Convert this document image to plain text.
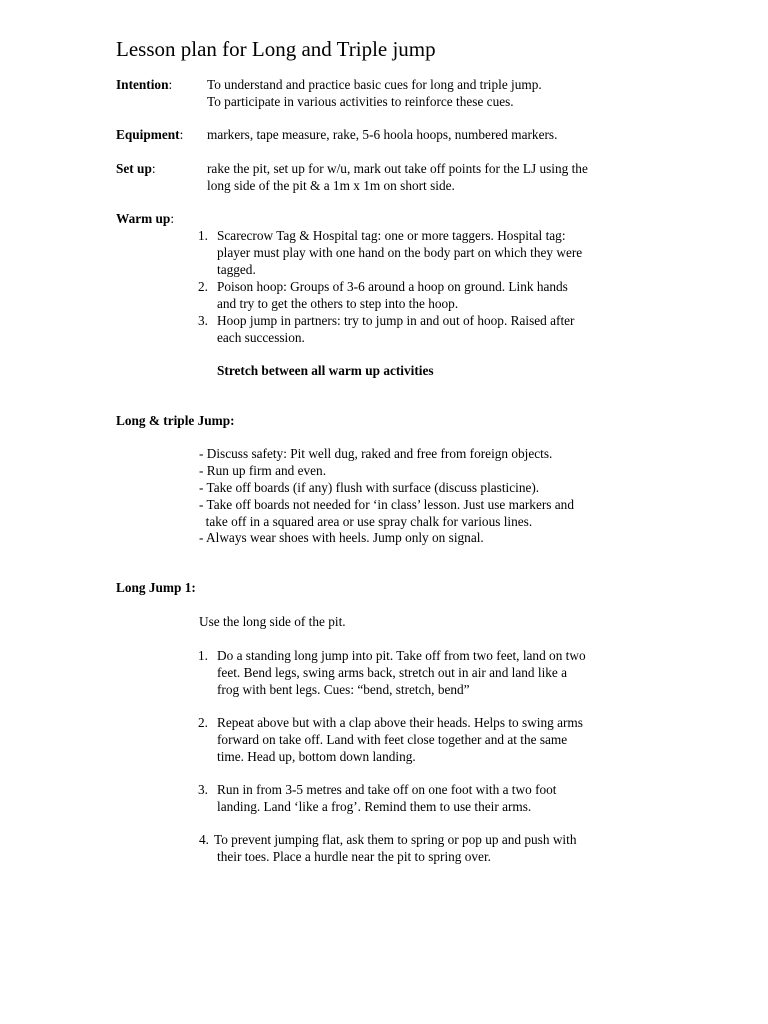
Lesson plan for Long and Triple jump
Intention:	To understand and practice basic cues for long and triple jump.
To participate in various activities to reinforce these cues.
Equipment: markers, tape measure, rake, 5-6 hoola hoops, numbered markers.
Set up:	rake the pit, set up for w/u, mark out take off points for the LJ using the
long side of the pit & a 1m x 1m on short side.
Warm up:
1. Scarecrow Tag & Hospital tag: one or more taggers. Hospital tag:
player must play with one hand on the body part on which they were
tagged.
2. Poison hoop: Groups of 3-6 around a hoop on ground. Link hands
and try to get the others to step into the hoop.
3. Hoop jump in partners: try to jump in and out of hoop. Raised after
each succession.
Stretch between all warm up activities
Long & triple Jump:
- Discuss safety: Pit well dug, raked and free from foreign objects.
- Run up firm and even.
- Take off boards (if any) flush with surface (discuss plasticine).
- Take off boards not needed for ‘in class’ lesson. Just use markers and
take off in a squared area or use spray chalk for various lines.
- Always wear shoes with heels. Jump only on signal.
Long Jump 1:
Use the long side of the pit.
1. Do a standing long jump into pit. Take off from two feet, land on two
feet. Bend legs, swing arms back, stretch out in air and land like a
frog with bent legs. Cues: “bend, stretch, bend”
2. Repeat above but with a clap above their heads. Helps to swing arms
forward on take off. Land with feet close together and at the same
time. Head up, bottom down landing.
3. Run in from 3-5 metres and take off on one foot with a two foot
landing. Land ‘like a frog’. Remind them to use their arms.
4. To prevent jumping flat, ask them to spring or pop up and push with
their toes. Place a hurdle near the pit to spring over.
